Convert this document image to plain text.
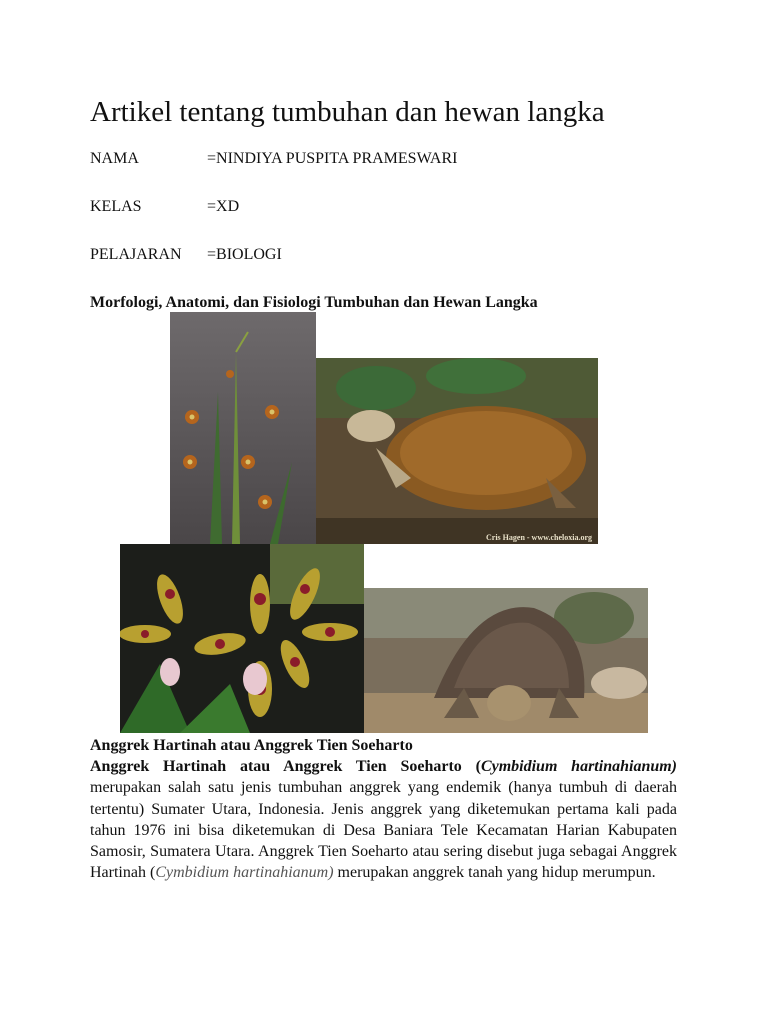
Artikel tentang tumbuhan dan hewan langka
NAMA	=NINDIYA PUSPITA PRAMESWARI
KELAS	=XD
PELAJARAN =BIOLOGI
Morfologi, Anatomi, dan Fisiologi Tumbuhan dan Hewan Langka
Cris Hagen - www.cheloxia.org
Anggrek Hartinah atau Anggrek Tien Soeharto
Anggrek Hartinah atau Anggrek Tien Soeharto (Cymbidium hartinahianum) merupakan salah satu jenis tumbuhan anggrek yang endemik (hanya tumbuh di daerah tertentu) Sumater Utara, Indonesia. Jenis anggrek yang diketemukan pertama kali pada tahun 1976 ini bisa diketemukan di Desa Baniara Tele Kecamatan Harian Kabupaten Samosir, Sumatera Utara. Anggrek Tien Soeharto atau sering disebut juga sebagai Anggrek Hartinah (Cymbidium hartinahianum) merupakan anggrek tanah yang hidup merumpun.
